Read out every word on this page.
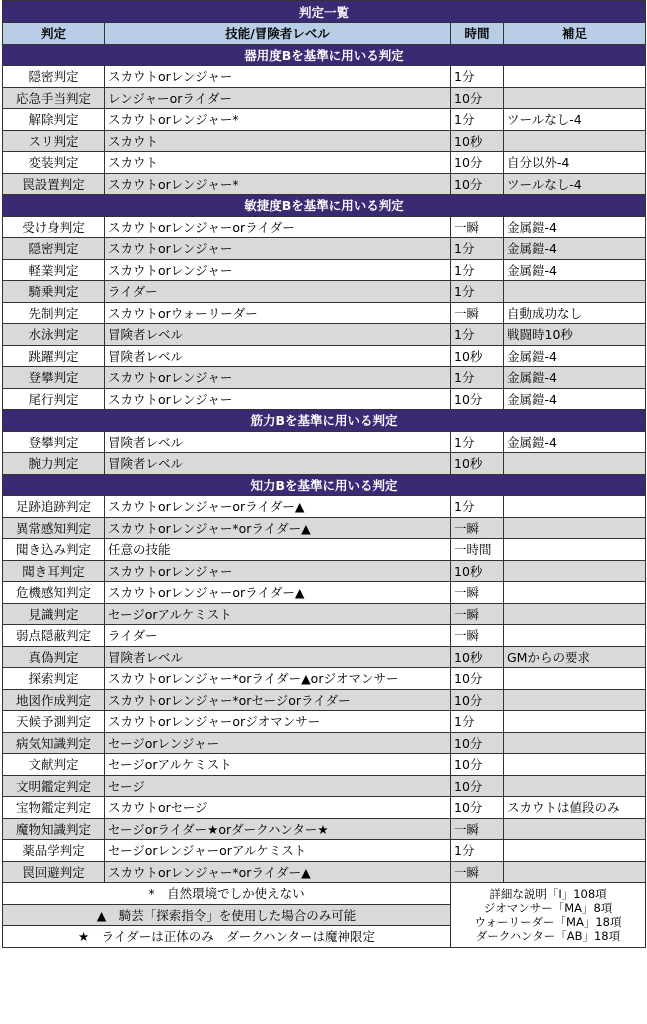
判定一覧			
判定	技能/冒険者レベル	時間	補足
器用度Bを基準に用いる判定			
隠密判定	スカウトorレンジャー	1分	
応急手当判定	レンジャーorライダー	10分	
解除判定	スカウトorレンジャー*	1分	ツールなし-4
スリ判定	スカウト	10秒	
変装判定	スカウト	10分	自分以外-4
罠設置判定	スカウトorレンジャー*	10分	ツールなし-4
敏捷度Bを基準に用いる判定			
受け身判定	スカウトorレンジャーorライダー	一瞬	金属鎧-4
隠密判定	スカウトorレンジャー	1分	金属鎧-4
軽業判定	スカウトorレンジャー	1分	金属鎧-4
騎乗判定	ライダー	1分	
先制判定	スカウトorウォーリーダー	一瞬	自動成功なし
水泳判定	冒険者レベル	1分	戦闘時10秒
跳躍判定	冒険者レベル	10秒	金属鎧-4
登攀判定	スカウトorレンジャー	1分	金属鎧-4
尾行判定	スカウトorレンジャー	10分	金属鎧-4
筋力Bを基準に用いる判定			
登攀判定	冒険者レベル	1分	金属鎧-4
腕力判定	冒険者レベル	10秒	
知力Bを基準に用いる判定			
足跡追跡判定	スカウトorレンジャーorライダー▲	1分	
異常感知判定	スカウトorレンジャー*orライダー▲	一瞬	
聞き込み判定	任意の技能	一時間	
聞き耳判定	スカウトorレンジャー	10秒	
危機感知判定	スカウトorレンジャーorライダー▲	一瞬	
見識判定	セージorアルケミスト	一瞬	
弱点隠蔽判定	ライダー	一瞬	
真偽判定	冒険者レベル	10秒	GMからの要求
探索判定	スカウトorレンジャー*orライダー▲orジオマンサー	10分	
地図作成判定	スカウトorレンジャー*orセージorライダー	10分	
天候予測判定	スカウトorレンジャーorジオマンサー	1分	
病気知識判定	セージorレンジャー	10分	
文献判定	セージorアルケミスト	10分	
文明鑑定判定	セージ	10分	
宝物鑑定判定	スカウトorセージ	10分	スカウトは値段のみ
魔物知識判定	セージorライダー★orダークハンター★	一瞬	
薬品学判定	セージorレンジャーorアルケミスト	1分	
罠回避判定	スカウトorレンジャー*orライダー▲	一瞬	
*　自然環境でしか使えない		詳細な説明「Ⅰ」108項
ジオマンサー「MA」8項
ウォーリーダー「MA」18項
ダークハンター「AB」18項	

▲　騎芸「探索指令」を使用した場合のみ可能			
★　ライダーは正体のみ　ダークハンターは魔神限定			
